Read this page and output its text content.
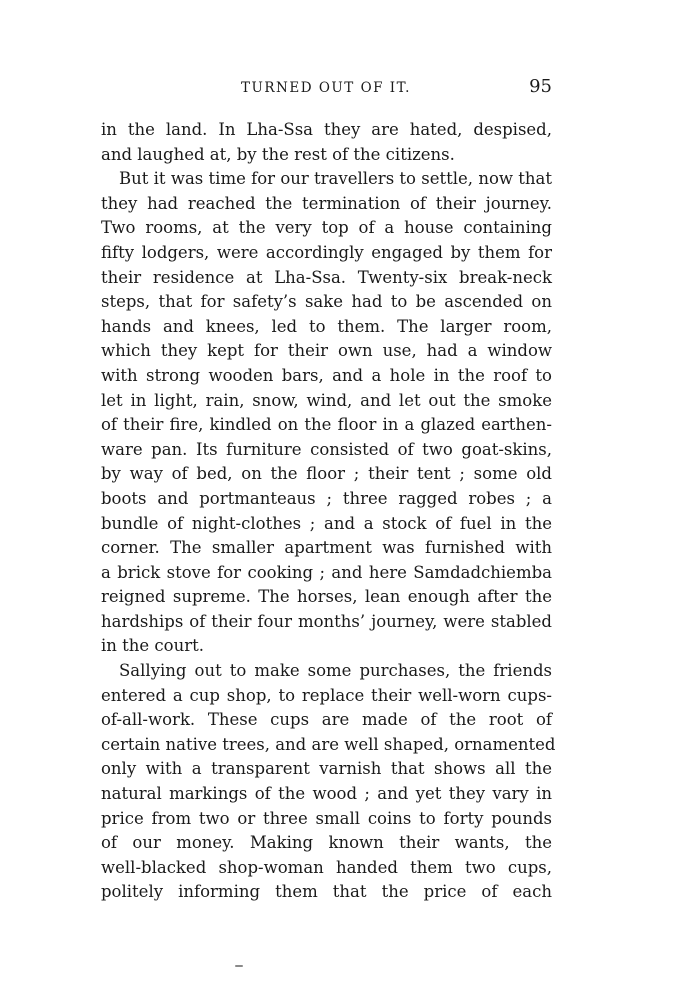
TURNED OUT OF IT.	95
in the land. In Lha-Ssa they are hated, despised,
and laughed at, by the rest of the citizens.
But it was time for our travellers to settle, now that
they had reached the termination of their journey.
Two rooms, at the very top of a house containing
fifty lodgers, were accordingly engaged by them for
their residence at Lha-Ssa. Twenty-six break-neck
steps, that for safety’s sake had to be ascended on
hands and knees, led to them. The larger room,
which they kept for their own use, had a window
with strong wooden bars, and a hole in the roof to
let in light, rain, snow, wind, and let out the smoke
of their fire, kindled on the floor in a glazed earthen-
ware pan. Its furniture consisted of two goat-skins,
by way of bed, on the floor ; their tent ; some old
boots and portmanteaus ; three ragged robes ; a
bundle of night-clothes ; and a stock of fuel in the
corner. The smaller apartment was furnished with
a brick stove for cooking ; and here Samdadchiemba
reigned supreme. The horses, lean enough after the
hardships of their four months’ journey, were stabled
in the court.
Sallying out to make some purchases, the friends
entered a cup shop, to replace their well-worn cups-
of-all-work. These cups are made of the root of
certain native trees, and are well shaped, ornamented
only with a transparent varnish that shows all the
natural markings of the wood ; and yet they vary in
price from two or three small coins to forty pounds
of our money. Making known their wants, the
well-blacked shop-woman handed them two cups,
politely informing them that the price of each
